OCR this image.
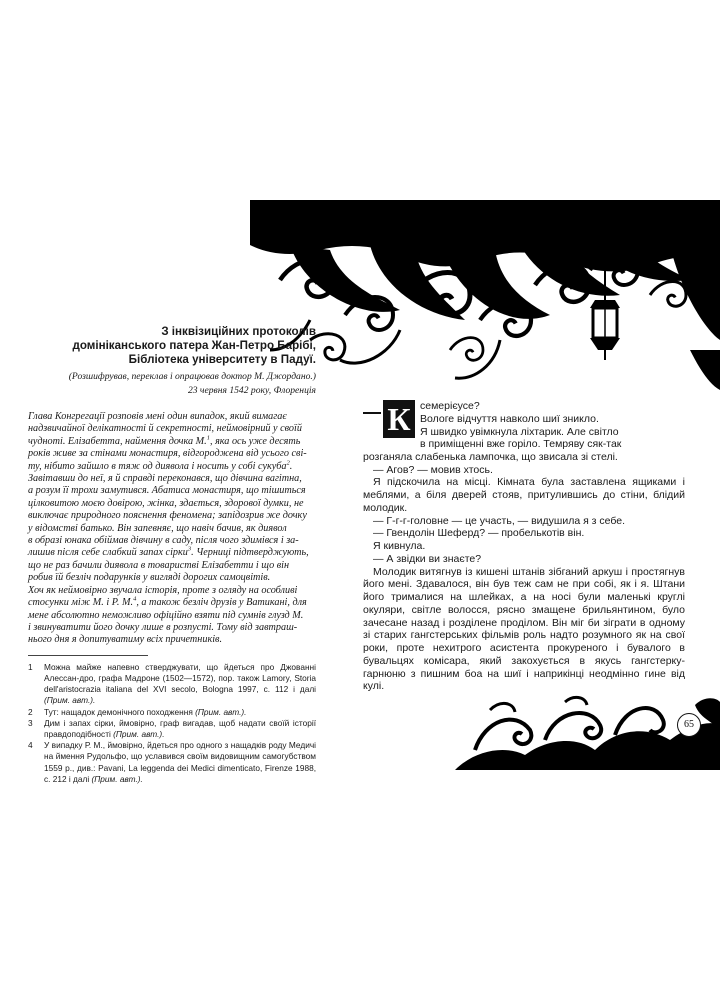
З інквізиційних протоколів

домініканського патера Жан-Петро Барібі,

Бібліотека університету в Падуї.

(Розшифрував, переклав і опрацював доктор М. Джордано.)

23 червня 1542 року, Флоренція

Глава Конгрегації розповів мені один випадок, який вимагає

надзвичайної делікатності й секретності, неймовірний у своїй

чудноті. Елізабетта, наймення дочка М.$^1$, яка ось уже десять

років живе за стінами монастиря, відгороджена від усього сві-

ту, нібито зайшло в тяж од диявола і носить у собі сукуба$^2$.

Завітавши до неї, я й справді переконався, що дівчина вагітна,

а розум її трохи замутився. Абатиса монастиря, що тішиться

цілковитою моєю довірою, жінка, здається, здорової думки, не

виключає природного пояснення феномена; запідозрив же дочку

у відомстві батько. Він запевняє, що навіч бачив, як диявол

в образі юнака обіймав дівчину в саду, після чого здимівся і за-

лишив після себе слабкий запах сірки$^3$. Черниці підтверджують,

що не раз бачили диявола в товаристві Елізабетти і що він

робив їй безліч подарунків у вигляді дорогих самоцвітів.

Хоч як неймовірно звучала історія, проте з огляду на особливі

стосунки між М. і Р. М.$^4$, а також безліч друзів у Ватикані, для

мене абсолютно неможливо офіційно взяти під сумнів глузд М.

і звинуватити його дочку лише в розпусті. Тому від завтраш-

нього дня я допитуватиму всіх причетників.

1	Можна майже напевно стверджувати, що йдеться про Джованні Алессан-дро, графа Мадроне (1502—1572), пор. також Lamory, Storia dell'aristocrazia italiana del XVI secolo, Bologna 1997, с. 112 і далі (Прим. авт.).
2	Тут: нащадок демонічного походження (Прим. авт.).
3	Дим і запах сірки, ймовірно, граф вигадав, щоб надати своїй історії правдоподібності (Прим. авт.).
4	У випадку Р. М., ймовірно, йдеться про одного з нащадків роду Медичі на ймення Рудольфо, що уславився своїм видовищним самогубством 1559 р., див.: Pavani, La leggenda dei Medici dimenticato, Firenze 1988, с. 212 і далі (Прим. авт.).
К семерієусе?
Вологе відчуття навколо шиї зникло.
Я швидко увімкнула ліхтарик. Але світло

в приміщенні вже горіло. Темряву сяк-так

розганяла слабенька лампочка, що звисала зі стелі.

— Агов? — мовив хтось.

Я підскочила на місці. Кімната була заставлена ящиками і меблями, а біля дверей стояв, притулившись до стіни, блідий молодик.

— Г-г-г-головне — це участь, — видушила я з себе.

— Гвендолін Шеферд? — пробелькотів він.

Я кивнула.

— А звідки ви знаєте?

Молодик витягнув із кишені штанів зібганий аркуш і простягнув його мені. Здавалося, він був теж сам не при собі, як і я. Штани його трималися на шлейках, а на носі були маленькі круглі окуляри, світле волосся, рясно змащене брильянтином, було зачесане назад і розділене проділом. Він міг би зіграти в одному зі старих гангстерських фільмів роль надто розумного як на свої роки, проте нехитрого асистента прокуреного і бувалого в бувальцях комісара, який закохується в якусь гангстерку-гарнюню з пишним боа на шиї і наприкінці неодмінно гине від кулі.

65
